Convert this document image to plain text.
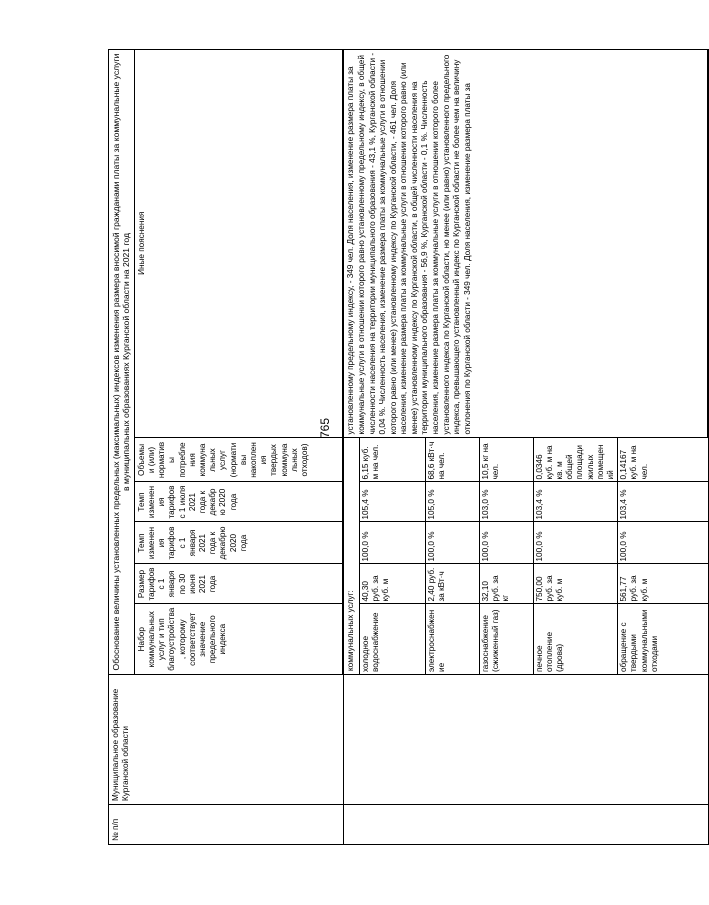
765
№ п/п	Муниципальное образование Курганской области	Обоснование величины установленных предельных (максимальных) индексов изменения размера вносимой гражданами платы за коммунальные услуги в муниципальных образованиях Курганской области на 2021 год

Набор коммунальных услуг и тип благоустройства, которому соответствует значение предельного индекса	Размер тарифов с 1 января по 30 июня 2021 года	Темп изменения тарифов с 1 января 2021 года к декабрю 2020 года	Темп изменения тарифов с 1 июля 2021 года к декабрю 2020 года	Объемы и (или) нормативы потребления коммунальных услуг (нормативы накопления твердых коммунальных отходов)	Иные пояснения

коммунальных услуг:	установленному предельному индексу, - 349 чел. Доля населения, изменение размера платы за коммунальные услуги в отношении которого равно установленному предельному индексу, в общей численности населения на территории муниципального образования - 43,1 %, Курганской области - 0,04 %. Численность населения, изменение размера платы за коммунальные услуги в отношении которого равно (или менее) установленному индексу по Курганской области, - 461 чел. Доля населения, изменение размера платы за коммунальные услуги в отношении которого равно (или менее) установленному индексу по Курганской области, в общей численности населения на территории муниципального образования - 56,9 %, Курганской области - 0,1 %. Численность населения, изменение размера платы за коммунальные услуги в отношении которого более установленного индекса по Курганской области, но менее (или равно) установленного предельного индекса, превышающего установленный индекс по Курганской области не более чем на величину отклонения по Курганской области - 349 чел. Доля населения, изменение размера платы за
холодное водоснабжение	40,30 руб. за куб. м	100,0 %	105,4 %	6,15 куб. м на чел.
электроснабжение	2,40 руб. за кВт·ч	100,0 %	105,0 %	68,6 кВт·ч на чел.
газоснабжение (сжиженный газ)	32,10 руб. за кг	100,0 %	103,0 %	10,5 кг на чел.
печное отопление (дрова)	750,00 руб. за куб. м	100,0 %	103,4 %	0,0346 куб. м на кв. м общей площади жилых помещений
обращение с твердыми коммунальными отходами	561,77 руб. за куб. м	100,0 %	103,4 %	0,14167 куб. м на чел.
